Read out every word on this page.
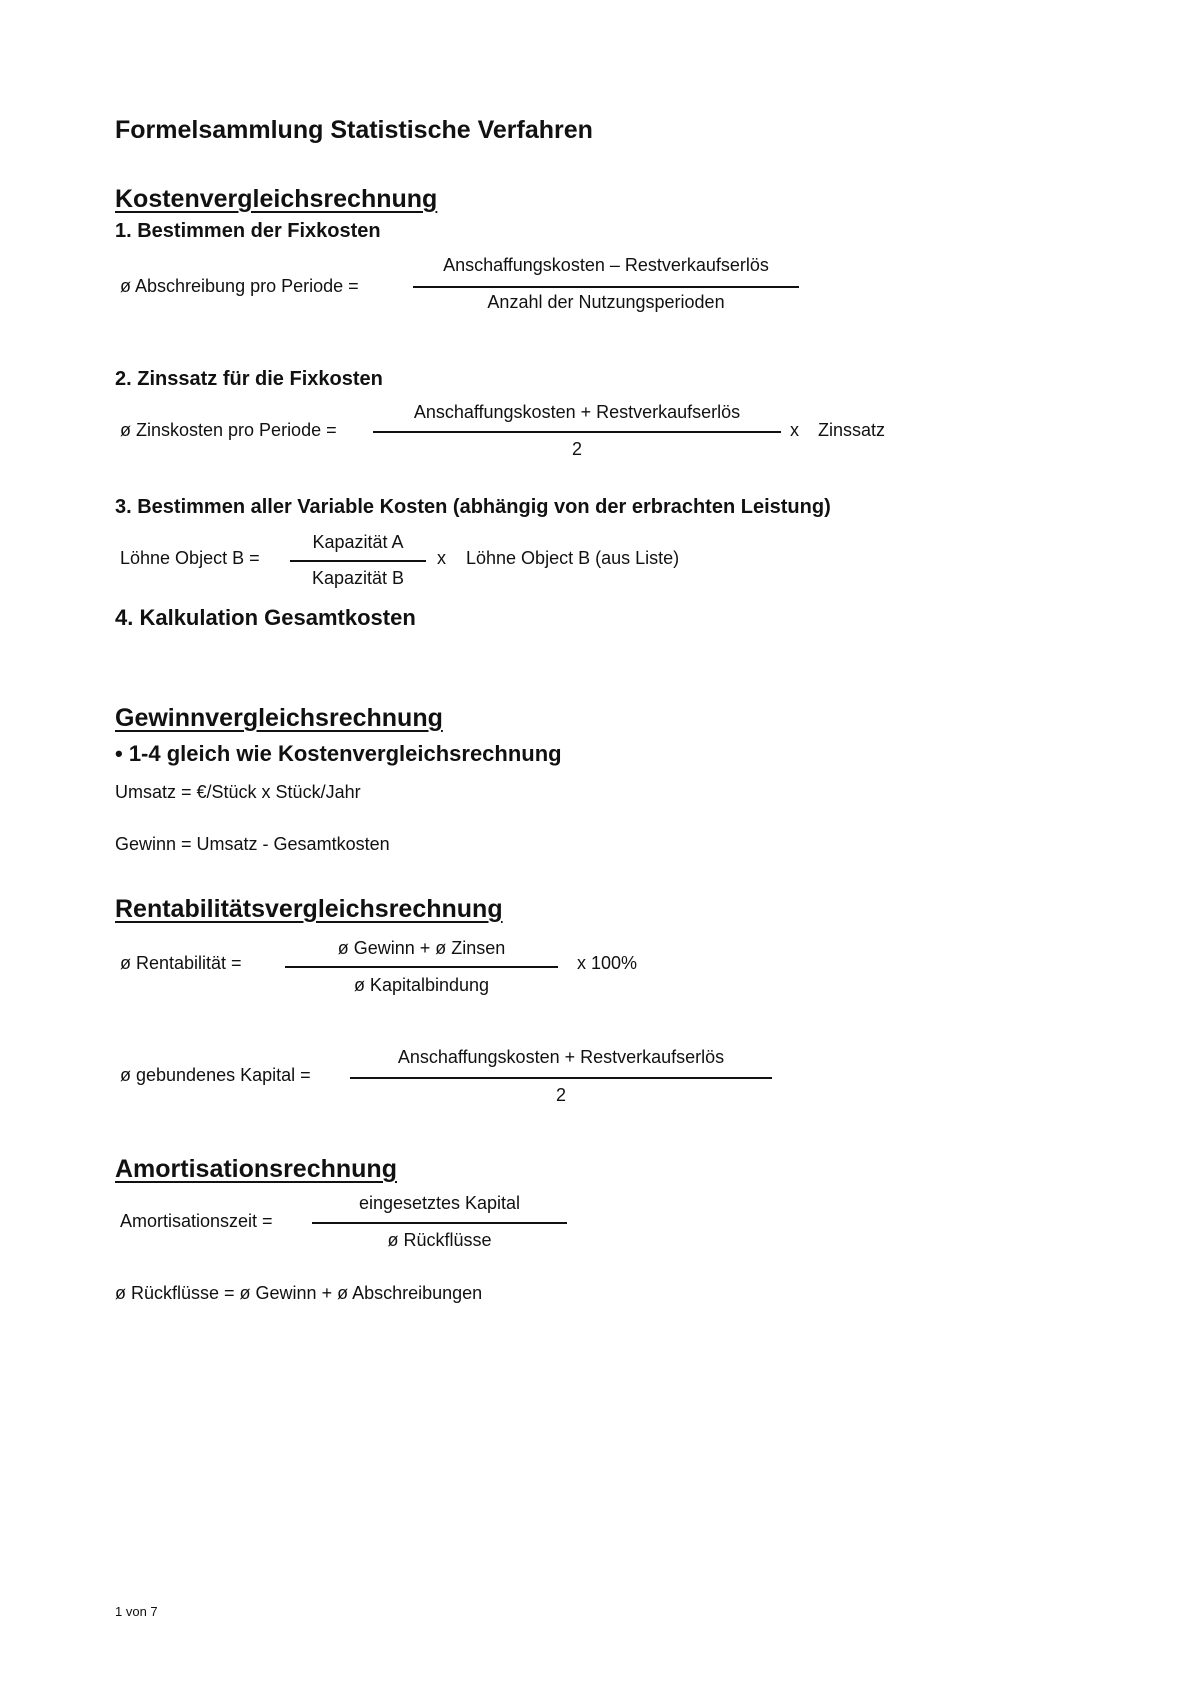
Formelsammlung Statistische Verfahren
Kostenvergleichsrechnung
1. Bestimmen der Fixkosten
ø Abschreibung pro Periode =
Anschaffungskosten – Restverkaufserlös
Anzahl der Nutzungsperioden
2. Zinssatz für die Fixkosten
ø Zinskosten pro Periode =
Anschaffungskosten + Restverkaufserlös
2
x Zinssatz
3. Bestimmen aller Variable Kosten (abhängig von der erbrachten Leistung)
Löhne Object B =
Kapazität A
Kapazität B
x Löhne Object B (aus Liste)
4. Kalkulation Gesamtkosten
Gewinnvergleichsrechnung
• 1-4 gleich wie Kostenvergleichsrechnung
Umsatz = €/Stück x Stück/Jahr
Gewinn = Umsatz - Gesamtkosten
Rentabilitätsvergleichsrechnung
ø Rentabilität =
ø Gewinn + ø Zinsen
ø Kapitalbindung
x 100%
ø gebundenes Kapital =
Anschaffungskosten + Restverkaufserlös
2
Amortisationsrechnung
Amortisationszeit =
eingesetztes Kapital
ø Rückflüsse
ø Rückflüsse = ø Gewinn + ø Abschreibungen
1 von 7
